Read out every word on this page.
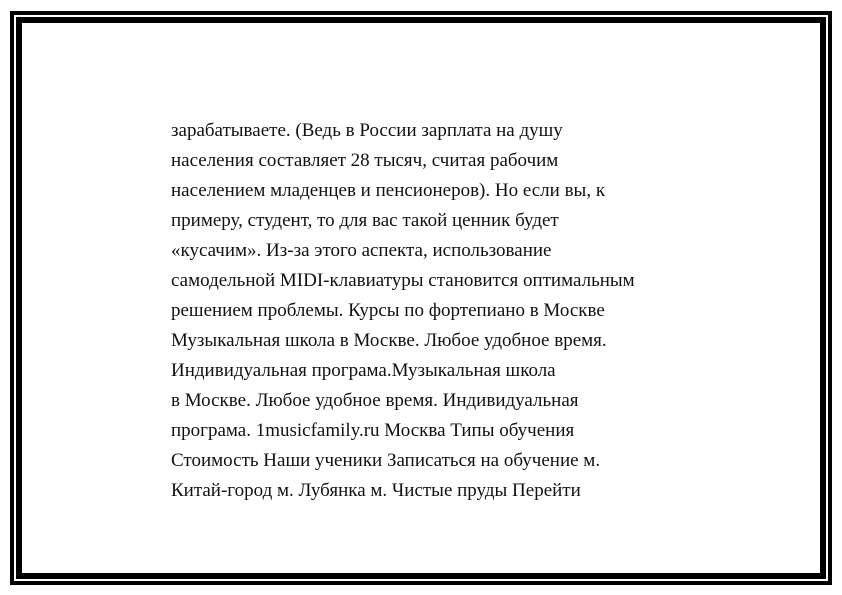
зарабатываете. (Ведь в России зарплата на душу
населения составляет 28 тысяч, считая рабочим
населением младенцев и пенсионеров). Но если вы, к
примеру, студент, то для вас такой ценник будет
«кусачим». Из-за этого аспекта, использование
самодельной MIDI-клавиатуры становится оптимальным
решением проблемы. Курсы по фортепиано в Москве
Музыкальная школа в Москве. Любое удобное время.
Индивидуальная програма.Музыкальная школа
в Москве. Любое удобное время. Индивидуальная
програма. 1musicfamily.ru Москва Типы обучения
Стоимость Наши ученики Записаться на обучение м.
Китай-город м. Лубянка м. Чистые пруды Перейти
